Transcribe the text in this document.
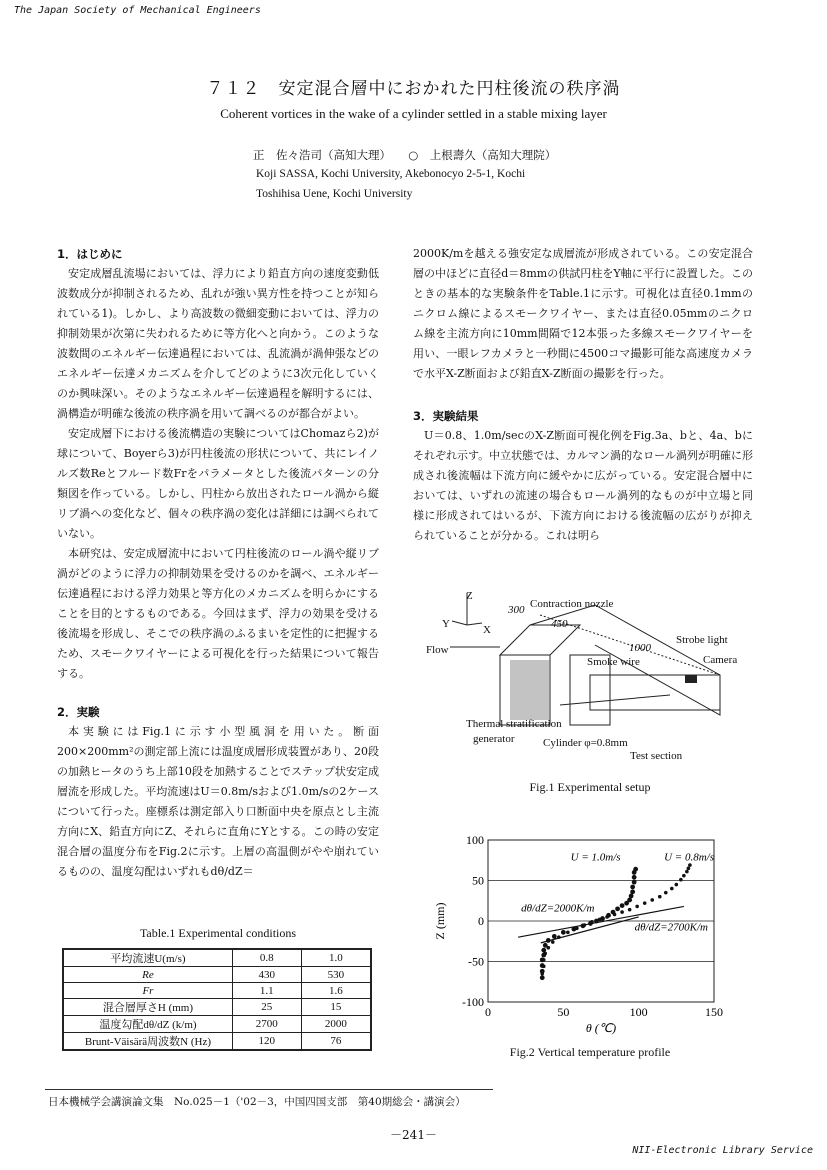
The Japan Society of Mechanical Engineers
NII-Electronic Library Service
７１２　安定混合層中におかれた円柱後流の秩序渦
Coherent vortices in the wake of a cylinder settled in a stable mixing layer
正　佐々浩司（高知大理）　　○　上根壽久（高知大理院）
Koji SASSA, Kochi University, Akebonocyo 2-5-1, Kochi
Toshihisa Uene, Kochi University
1．はじめに

安定成層乱流場においては、浮力により鉛直方向の速度変動低波数成分が抑制されるため、乱れが強い異方性を持つことが知られている1)。しかし、より高波数の微細変動においては、浮力の抑制効果が次第に失われるために等方化へと向かう。このような波数間のエネルギー伝達過程においては、乱流渦が渦伸張などのエネルギー伝達メカニズムを介してどのように3次元化していくのか興味深い。そのようなエネルギー伝達過程を解明するには、渦構造が明確な後流の秩序渦を用いて調べるのが都合がよい。

安定成層下における後流構造の実験についてはChomazら2)が球について、Boyerら3)が円柱後流の形状について、共にレイノルズ数Reとフルード数Frをパラメータとした後流パターンの分類図を作っている。しかし、円柱から放出されたロール渦から縦リブ渦への変化など、個々の秩序渦の変化は詳細には調べられていない。

本研究は、安定成層流中において円柱後流のロール渦や縦リブ渦がどのように浮力の抑制効果を受けるのかを調べ、エネルギー伝達過程における浮力効果と等方化のメカニズムを明らかにすることを目的とするものである。今回はまず、浮力の効果を受ける後流場を形成し、そこでの秩序渦のふるまいを定性的に把握するため、スモークワイヤーによる可視化を行った結果について報告する。

2．実験

本実験にはFig.1に示す小型風洞を用いた。断面200×200mm²の測定部上流には温度成層形成装置があり、20段の加熱ヒータのうち上部10段を加熱することでステップ状安定成層流を形成した。平均流速はU＝0.8m/sおよび1.0m/sの2ケースについて行った。座標系は測定部入り口断面中央を原点とし主流方向にX、鉛直方向にZ、それらに直角にYとする。この時の安定混合層の温度分布をFig.2に示す。上層の高温側がやや崩れているものの、温度勾配はいずれもdθ/dZ＝

Table.1 Experimental conditions
平均流速U(m/s)	0.8	1.0
Re	430	530
Fr	1.1	1.6
混合層厚さH (mm)	25	15
温度勾配dθ/dZ (k/m)	2700	2000
Brunt-Väisärä周波数N (Hz)	120	76
2000K/mを越える強安定な成層流が形成されている。この安定混合層の中ほどに直径d＝8mmの供試円柱をY軸に平行に設置した。このときの基本的な実験条件をTable.1に示す。可視化は直径0.1mmのニクロム線によるスモークワイヤー、または直径0.05mmのニクロム線を主流方向に10mm間隔で12本張った多線スモークワイヤーを用い、一眼レフカメラと一秒間に4500コマ撮影可能な高速度カメラで水平X-Z断面および鉛直X-Z断面の撮影を行った。
3．実験結果

U＝0.8、1.0m/secのX-Z断面可視化例をFig.3a、bと、4a、bにそれぞれ示す。中立状態では、カルマン渦的なロール渦列が明確に形成され後流幅は下流方向に緩やかに広がっている。安定混合層中においては、いずれの流速の場合もロール渦列的なものが中立場と同様に形成されてはいるが、下流方向における後流幅の広がりが抑えられていることが分かる。これは明ら

Z
Y	X
300
450
1000
Contraction nozzle
Strobe light
Flow
Smoke wire	Camera
Thermal stratification
generator	Cylinder φ=0.8mm
Test section
Fig.1 Experimental setup
100
50
0
-50
-100
0	50	100	150
θ (℃)
Z (mm)
U = 1.0m/s	U = 0.8m/s
dθ/dZ=2000K/m
dθ/dZ=2700K/m
Fig.2 Vertical temperature profile
日本機械学会講演論文集　No.025－1（'02－3，中国四国支部　第40期総会・講演会）
－241－
